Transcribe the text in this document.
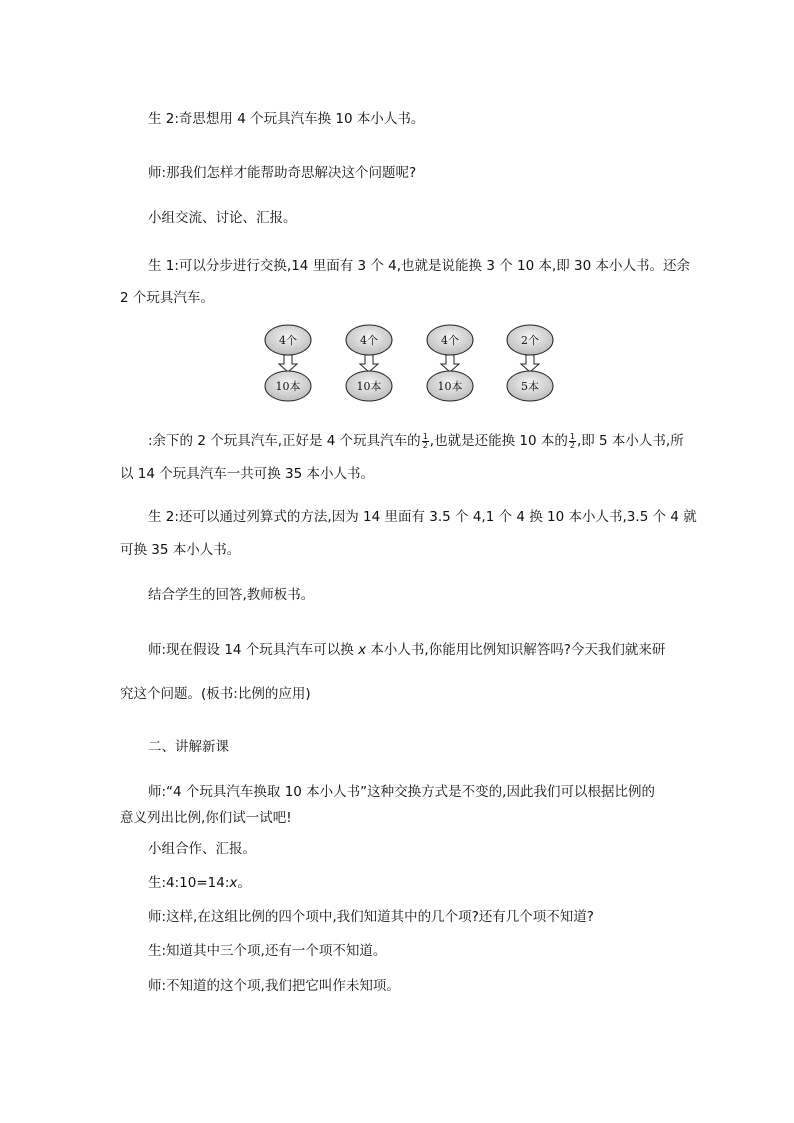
生 2:奇思想用 4 个玩具汽车换 10 本小人书。
师:那我们怎样才能帮助奇思解决这个问题呢?
小组交流、讨论、汇报。
生 1:可以分步进行交换,14 里面有 3 个 4,也就是说能换 3 个 10 本,即 30 本小人书。还余
2 个玩具汽车。
4个
10本
4个
10本
4个
10本
2个
5本
:余下的 2 个玩具汽车,正好是 4 个玩具汽车的 $\frac{1}{2}$ ,也就是还能换 10 本的 $\frac{1}{2}$ ,即 5 本小人书,所
以 14 个玩具汽车一共可换 35 本小人书。
生 2:还可以通过列算式的方法,因为 14 里面有 3.5 个 4,1 个 4 换 10 本小人书,3.5 个 4 就
可换 35 本小人书。
结合学生的回答,教师板书。
师:现在假设 14 个玩具汽车可以换 x 本小人书,你能用比例知识解答吗?今天我们就来研
究这个问题。(板书:比例的应用)
二、讲解新课
师:“4 个玩具汽车换取 10 本小人书”这种交换方式是不变的,因此我们可以根据比例的
意义列出比例,你们试一试吧!
小组合作、汇报。
生:4:10=14:x。
师:这样,在这组比例的四个项中,我们知道其中的几个项?还有几个项不知道?
生:知道其中三个项,还有一个项不知道。
师:不知道的这个项,我们把它叫作未知项。
